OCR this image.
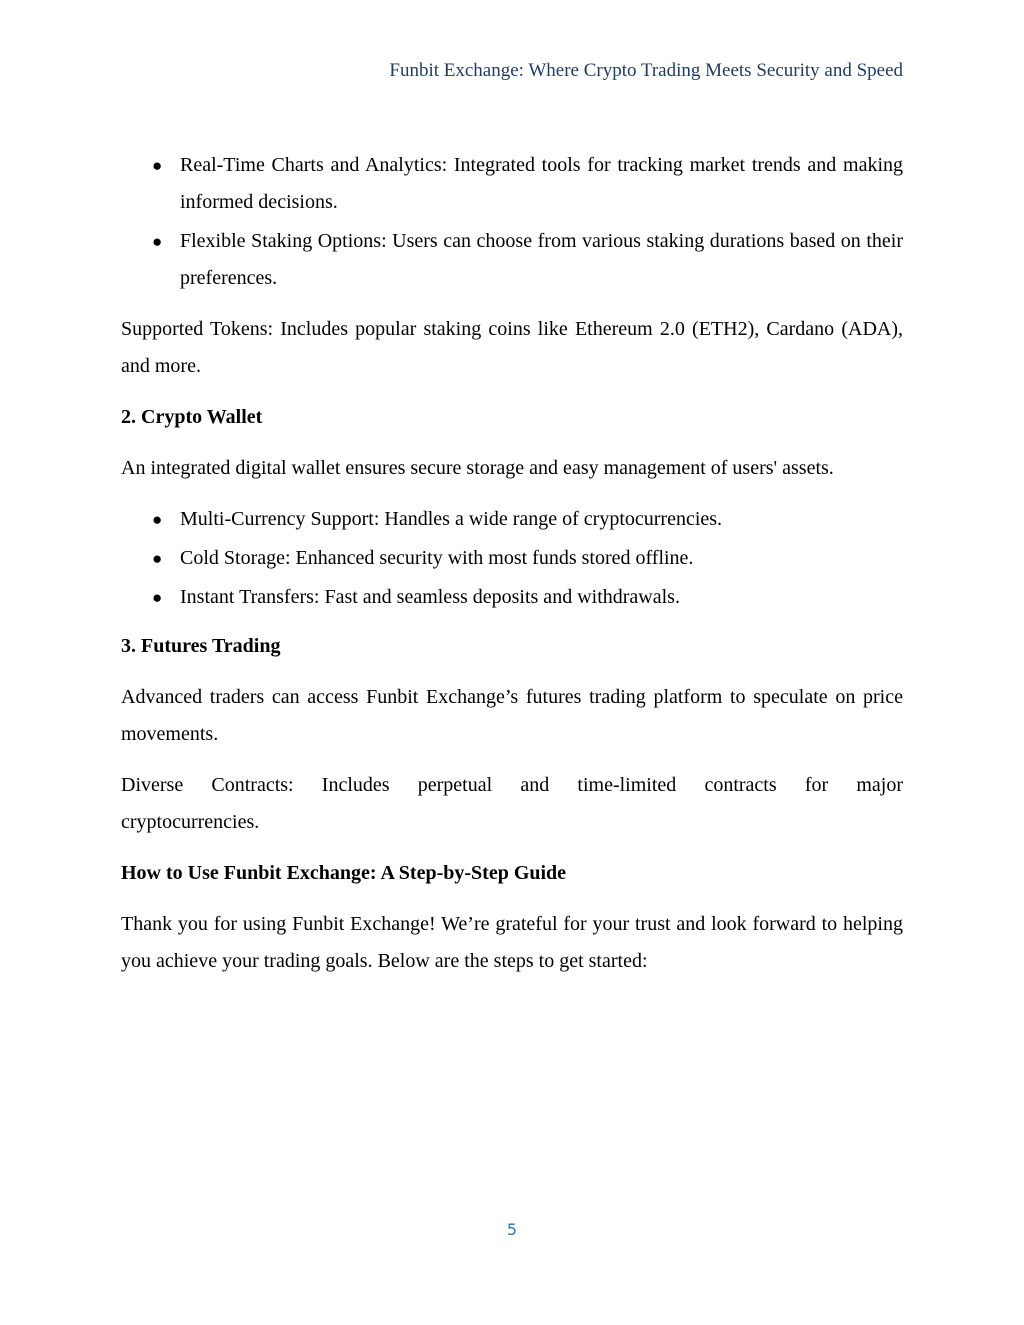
Funbit Exchange: Where Crypto Trading Meets Security and Speed
● Real-Time Charts and Analytics: Integrated tools for tracking market trends and making informed decisions.
● Flexible Staking Options: Users can choose from various staking durations based on their preferences.

Supported Tokens: Includes popular staking coins like Ethereum 2.0 (ETH2), Cardano (ADA), and more.

2. Crypto Wallet

An integrated digital wallet ensures secure storage and easy management of users' assets.

● Multi-Currency Support: Handles a wide range of cryptocurrencies.
● Cold Storage: Enhanced security with most funds stored offline.
● Instant Transfers: Fast and seamless deposits and withdrawals.
3. Futures Trading

Advanced traders can access Funbit Exchange’s futures trading platform to speculate on price movements.

Diverse Contracts: Includes perpetual and time-limited contracts for major
cryptocurrencies.

How to Use Funbit Exchange: A Step-by-Step Guide

Thank you for using Funbit Exchange! We’re grateful for your trust and look forward to helping you achieve your trading goals. Below are the steps to get started:

5
